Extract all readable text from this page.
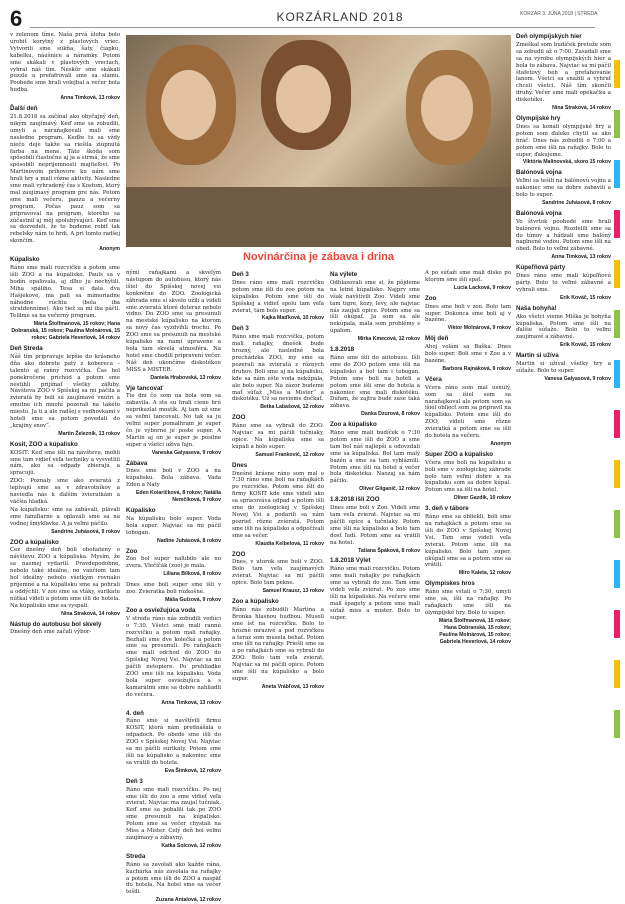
6	KORZÁRLAND 2018	KORZÁR 3. JÚNA 2018 | STREDA
Novinárčina je zábava i drina

v zelenom tíme. Naša prvá úloha bolo urobiť korytný z plastových vriec. Vytvorili sme sukňa, šaty, čiapku, kabelku, náušnice a náramky. Potom sme skákali v plastových vreciach, vyhral náš tím. Neskôr sme skákali puzzle a prefafrovali sme sa slamu. Poobede sme hrali volejbal a večer bola hudba.

Anna Tímková, 13 rokov
Ďalší deň

21.8.2018 sa začínal ako obyčajný deň, nikým zaujímavý. Keď sme sa zobudili, umyli a naraňajkovali mali sme nasledne program. Keďže tu sa vždy niečo deje takže sa riešila zlupnutá farba na mene. Táto škoda som spôsobili čiastočne aj ja a strmá, že sme spôsobili neprijemnosti majiteľovi. Po Martinovom príhovore ku nám sme hrali hry a mali rôzne aktivity. Nasledne sme mali vyhradený čas s Kostom, ktorý mal zaujímavý program pre nás. Potom sme mali večeru, pauzu a večerný program. Počas pauz som sa pripravoval na program, ktorého sa zúčastnil aj môj spolubývajúci. Keď sme sa dozvedeli, že to budeme robiť tak rebelsky nám to hrdí. A pri tomto radšej skončím.

Anonym
Kúpalisko

Ráno sme mali rozcvičku a potom sme išli ZOO a na kúpalisko. Pauls sa v bodín opaľovala, aj dlho ju nechýtili. Miha spáliho. Tesa si dala dva Hašjekove, ma pali sa mimoriadne náhodne rúchiu (bola iba stratdenníme). Ako tiež sa mi iba páčil. Telilme sa na večerný program.

Mária Štolfmanová, 15 rokov; Hana Dobranská, 15 rokov; Paulína Molnárová, 15 rokov; Gabriela Heverlová, 14 rokov
Deň Streda

Náš tím pripravuje lepšie do krásneho dňa ako dobrete paty z kobereca – talento aj ranný rozcvička. Čas bol ponekročene príchod a potom sme nestihli prijímať všetky záľuby. Návšteva ZOO v Spišskej sa mi páčila a zvieratá by boli sú zaujímavé vnútri a smutne ich mnohí pozerali na takéto miesto. Ja ti a ale radšej s vedhovkami v hoteli sme sa potom povedali do „krajiny snov“.

Martin Železník, 13 rokov
Kosit, ZOO a kúpalisko

KOSIT: Keď sme išli na návštevu, mohli sme tam vidieť veľa techniky a vysvetlili nám, ako sa odpady zbierajú a spracujú.

ZOO: Poznaly sme ako zvieratá z lepívajú sme sa v zdravotníkov a naviedla nás k ďalšim zvieratkám a väčšia hladká.

Na kúpalisku: sme sa zabávali, plávali sme famiľiarne a oplavali sme sa na vodnej šmykľavke. A ja veľmi páčilo.

Sandrine Juhásová, 9 rokov
ZOO a kúpalisko

Cez dnešný deň boli obohatený o návštevu ZOO a kúpaliska. Mysím, že sa nasmej vydarilí. Pravdepodobne, nebolo také ideálne, no vaúčiom tam bol ideálny nebolo všetkým rovnako príjemné a na kúpalisku sme sa pohrali a oddýchli. V zoo sme sa vtáky, surikatu nútkal videli a potom sme išli do hotela. Na kúpalisku sme sa vyspali.

Nina Straková, 14 rokov
Nástup do autobusu bol skvelý

Dnešný deň sme začali výbor-

nými raňajkami a skvelým nástupom do autobusu, ktorý nás išiel do Spišskej novej vsi konkrétne do ZOO. Zoologická záhrada sme si skvelo užili a videli sme zvieratá ktoré doteraz nebolo vidno. Do ZOO sme sa presunuli na mestské kúpalisko na ktorom sa nový čas vyzdvihli trochu. Po ZOO sme sa presunuli na mestské kúpalisko na nami upravene a bola tam skvelá atmosféra. Na hotel sme chodili pripravení večer. Náš deň ukončíme diskotékou MISS a MISTER.

Daniela Hrabovská, 13 rokov
Vje tancovať

Tie dni čo som na bola som sa zabavila. A ste su hrali ciene hrú nepríkazlat mostík. Aj tam už sme sa veľmi tancovali. No tak sa ju veľmi super pomalhram je super čo je výborné je poste super. A Martin aj on je super je posilne super a všetci uživa fajn.

Vaneska Galyaseva, 9 rokov
Zábava

Dnes sme boli v ZOO a na kúpalisku. Bola zábava. Vada Eden a Naty

Eden Kolaričková, 8 rokov; Natália Nemčíková, 9 rokov
Kúpalisko

Na kúpalisku bolo super. Voda bola super. Najviac sa mi páčil tobogan.

Nadine Juhásová, 8 rokov
Zoo

Zoo bol super naľubilo ale no zvera. Vlečičák (zoo) je mala.

Liliana Bílková, 8 rokov

Dnes sme boli super sme išli v zoo. Zvieratka boli rozkošné.

Máša Gulzová, 9 rokov
Zoo a osviežujúca voda

V stredu ráno nás zobudili vedúci o 7:30. Všetci sme mali rannú rozcvičku a potom mali raňajky. Bezhali sme dve kolečká a potom sme sa presunuli. Po raňajkách sme mali odchod do ZOO do Spišskej Novej Vsi. Najviac sa mi páčili netopiere. Po prehliadke ZOO sme išli na kúpalisko. Voda bola super osviežujúca a s kamarátmi sme sa dobre nahliadli do večera.

Anna Timková, 13 rokov
4. deň

Ráno sme si navštívili firmu KOSIT, ktorá nám prednášala o odpadoch. Po obede sme išli do ZOO v Spišskej Novej Vsi. Najviac sa mi páčili surikaty. Potom sme išli na kúpalisko a nakoniec sme sa vrátili do hotela.

Eva Šimková, 12 rokov
Deň 3

Ráno sme mali rozcvičku. Po nej sme išli do zoo a sme vidieť veľa zvierat. Najviac ma zaujal tučniak. Keď sme sa pobalili tak po ZOO sme presunuli na kúpalisko. Potom sme sa večer chystali na Miss a Mister. Celý deň bol veľmi zaujímavý a zábavný.

Katka Solcová, 12 rokov
Streda

Ráno sa zavolali ako každé rána, kuchárka nás zavolala na raňajky a potom sme išli do ZOO a naspäť do hotela. Na hotel sme sa večer tešili.

Zuzana Antalová, 12 rokov
Deň 3

Dnes ráno sme mali rozcvičku potom sme išli do zoo potom na kúpalisko. Potom sme išli do Spišskej a vidieť spolu tam veľa zvierat, tam bolo super.

Kajka Maďková, 10 rokov
Deň 3

Ráno sme mali rozcvičku, potom mali raňajky, dnešok bude hrozný, ale nasledné bola prechádzka ZOO, my sme sa pozerali na zvieratá z rôznych druhov. Boli sme aj na kúpalisku, kde sa nám ešte voda nekúpala, ale bolo super. Na zázor budeme mať súťaž „Miss a Mister“ a diskotéku. Už sa nevieme dočkať.

Betka Labašová, 12 rokov
ZOO

Ráno sme sa vybrali do ZOO. Najviac sa mi páčili tučniaky, opice. Na kúpalisku sme sa kúpali a bolo super.

Samuel Franković, 12 rokov
Dnes

Dnešné krásne ráno som mal o 7:30 ráno sme boli na raňajkách po rozcvičke. Potom sme išli do firmy KOSIT kde sme videli ako sa spracováva odpad a potom išli sme do zoologickej v Spišskej Novej Vsi a podarili sa nám pozrieť rôzne zvieratá. Potom sme išli na kúpalisko a odpočívali sme sa večer.

Klaudia Kelbelová, 11 rokov
ZOO

Dnes, v utorok sme boli v ZOO. Bolo tam veľa zaujímavých zvierat. Najviac sa mi páčili opice. Bolo tam pekne.

Samuel Krausz, 13 rokov
Zoo a kúpalisko

Ráno nás zobudili Martina a Bronka hlasnou hudbou. Museli sme ísť na rozcvičku. Bolo to hrozné mrazivé a pod rozvičkou a teraz som musela behať. Potom sme išli na raňajky. Priešli sme sa a po raňajkách sme sa vybrali do ZOO. Bolo tam veľa zvierat. Najviac sa mi páčili opice. Potom sme išli na kúpalisko a bolo super.

Aneta Vrábľová, 13 rokov
Na výlete

Odhlasovali sme si, že pôjdeme na letné kúpalisko. Najprv sme však navštívili Zoo. Videli sme tam tigre, kozy, levy, ale najviac nás zaujali opice. Potom sme sa išli okúpať. Ja som sa ale nekúpala, mala som problémy s úpalom.

Mirka Kmecová, 12 rokov
1.8.2018

Ráno sme išli do autobusu. Išli sme do ZOO potom sme išli na kúpalisko a bol tam i tobogan. Potom sme boli na hoteli a potom sme išli sme do hotela a nakoniec sme mali diskotéku. Dúfam, že zajtra bude zase taká zábava.

Danka Dzurová, 8 rokov
Zoo a kúpalisko

Ráno sme mali budíček o 7:30 potom sme išli do ZOO a sme tam bol náš najlepší a odovzdali sme sa kúpaliska. Bol tam malý bazén a sme sa tam vybláznili. Potom sme išli na hotel a večer bola diskotéka. Naozaj sa nám páčilo.

Oliver Gilganič, 12 rokov
1.8.2018 išli ZOO

Dnes sme boli v Zoo. Videli sme tam veľa zvierat. Najviac sa mi páčili opice a tučniaky. Potom sme išli na kúpalisko a bolo tam dosť ľudí. Potom sme sa vrátili na hotel.

Tatiana Špáková, 8 rokov
1.8.2018 Výlet

Ráno sme mali rozcvičku. Potom sme mali raňajky po raňajkách sme sa vybrali do zoo. Tam sme videli veľa zvierat. Po zoo sme išli na kúpalisko. Na večeru sme mali špagety a potom sme mali súťaž miss a mister. Bolo to super.

A po súťaži sme mali disko po ktorom sme išli spať.

Lucia Lacková, 9 rokov
Zoo

Dnes sme boli v zoo. Bolo tam super. Dokonca sme boli aj v bazéne.

Viktor Molnárová, 9 rokov
Môj deň

Ahoj volám sa Baška. Dnes bolo super. Boli sme v Zoo a v bazéne.

Barbora Rajnáková, 9 rokov
Včera

Včera ráno som mal usnulý, som sa išiel som sa naraňajkoval ale potom som sa išiel obliecť som sa pripravil na kúpalisko. Potom sme išli do ZOO, videli sme rôzne zvieratká a potom sme sa išli do hotela na večeru.

Anonym
Super ZOO a kúpalisko

Včera sme boli na kúpalisku a boli sme v zoologickej záhrade bolo tam veľmi dobre a na kúpalisku som sa dobre kúpal. Potom sme sa išli na hotel.

Oliver Gazdík, 10 rokov
3. deň v tábore

Ráno sme sa obliekli, boli sme na raňajkách a potom sme sa išli do ZOO v Spišskej Novej Vsi. Tam sme videli veľa zvierat. Potom sme išli na kúpalisko. Bolo tam super, okúpali sme sa a potom sme sa vrátili.

Miro Kaleta, 12 rokov
Olympiskes hros

Ráno sme vstali o 7:30, umyli sme sa, išli na raňajky. Po raňajkách sme išli na olympijské hry. Bolo to super.

Mária Štolfmanová, 15 rokov; Hana Dobranská, 15 rokov; Paulína Molnárová, 15 rokov; Gabriela Heverlová, 14 rokov
Deň olympijských hier

Zmeškal som budíček pretože som sa zobudil až o 7:00. Zasadali sme sa na výrobu olympijských hier a bola to zábava. Najviac sa mi páčil štafetový beh a preťahovanie lanom. Všetci sa snažili a vyhrať chceli všetci. Náš tím skončil druhý. Večer sme mali opekačku a diskotéku.

Nina Straková, 14 rokov
Olympijské hry

Dnes sa konali olympijské hry a potom som ďaleko chytil sa ako hráč. Dnes nás zobudili o 7:00 a potom sme išli na raňajky. Bolo to super, ďakujeme.

Viktória Malinovská, skoro 15 rokov
Balónová vojna

Veľmi sa tešili na balónovú vojnu a nakoniec sme sa dobre zabavili a bolo to super.

Sandrine Juhásová, 8 rokov
Balónová vojna

Vo štvrtok poobede sme hrali balónovú vojnu. Rozdelili sme sa do tímov a hádzali sme balóny naplnené vodou. Potom sme išli na obed. Bolo to veľmi zábavné.

Anna Timková, 13 rokov
Kúpeľňová párty

Dnes ráno sme mali kúpeľňovú párty. Bolo to veľmi zábavné a vyhrali sme.

Erik Kováč, 15 rokov
Naša bohyňa!

Ako všetci vieme Miška je bohyňa kúpaliska. Potom sme išli na ďalšie súťaže. Bolo to veľmi zaujímavé a zábavné.

Erik Kováč, 15 rokov
Martin si užíva

Martin si užíval všetky hry a súťaže. Bolo to super.

Vanesa Galyasová, 9 rokov
